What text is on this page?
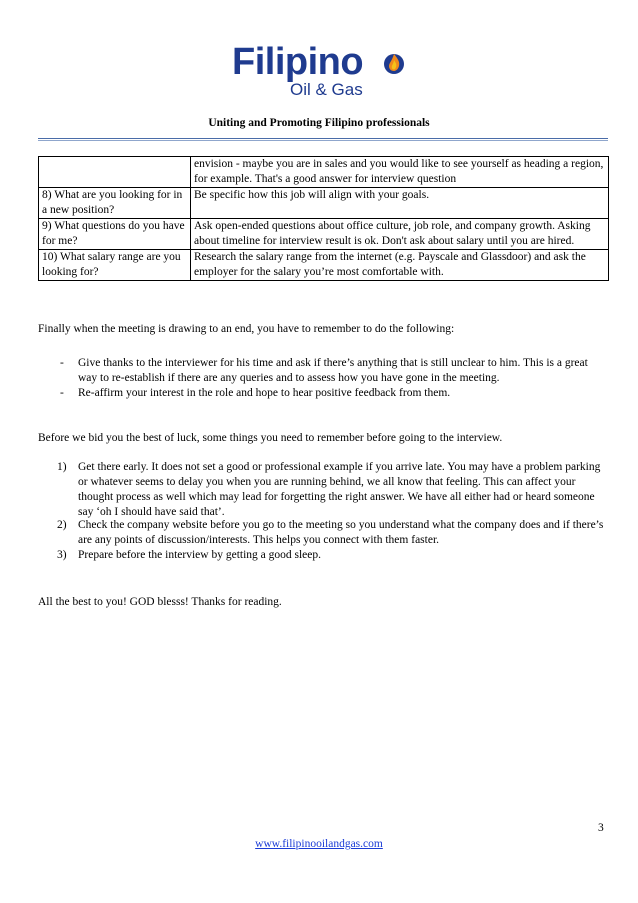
Filipino
Oil & Gas
Uniting and Promoting Filipino professionals
	envision - maybe you are in sales and you would like to see yourself as heading a region, for example. That's a good answer for interview question
8) What are you looking for in a new position?	Be specific how this job will align with your goals.
9) What questions do you have for me?	Ask open-ended questions about office culture, job role, and company growth. Asking about timeline for interview result is ok. Don't ask about salary until you are hired.
10) What salary range are you looking for?	Research the salary range from the internet (e.g. Payscale and Glassdoor) and ask the employer for the salary you’re most comfortable with.
Finally when the meeting is drawing to an end, you have to remember to do the following:
-	Give thanks to the interviewer for his time and ask if there’s anything that is still unclear to him. This is a great way to re-establish if there are any queries and to assess how you have gone in the meeting.
-	Re-affirm your interest in the role and hope to hear positive feedback from them.
Before we bid you the best of luck, some things you need to remember before going to the interview.
1) Get there early. It does not set a good or professional example if you arrive late. You may have a problem parking or whatever seems to delay you when you are running behind, we all know that feeling. This can affect your thought process as well which may lead for forgetting the right answer. We have all either had or heard someone say ‘oh I should have said that’.
2) Check the company website before you go to the meeting so you understand what the company does and if there’s are any points of discussion/interests. This helps you connect with them faster.
3) Prepare before the interview by getting a good sleep.
All the best to you! GOD blesss! Thanks for reading.
3
www.filipinooilandgas.com
